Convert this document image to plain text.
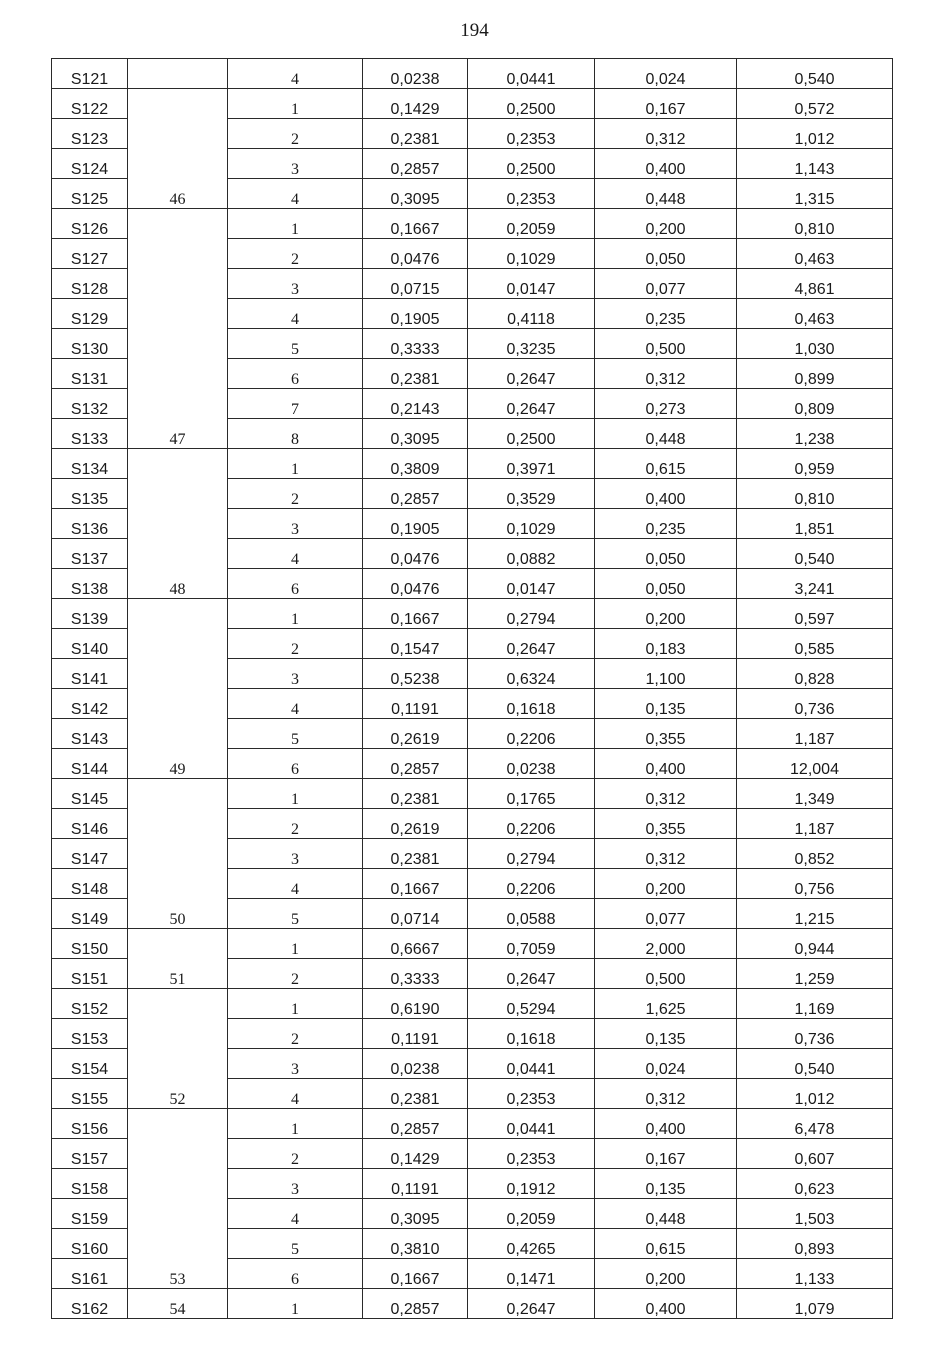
194
S121		4	0,0238	0,0441	0,024	0,540
S122	46	1	0,1429	0,2500	0,167	0,572
S123		2	0,2381	0,2353	0,312	1,012
S124		3	0,2857	0,2500	0,400	1,143
S125		4	0,3095	0,2353	0,448	1,315
S126	47	1	0,1667	0,2059	0,200	0,810
S127		2	0,0476	0,1029	0,050	0,463
S128		3	0,0715	0,0147	0,077	4,861
S129		4	0,1905	0,4118	0,235	0,463
S130		5	0,3333	0,3235	0,500	1,030
S131		6	0,2381	0,2647	0,312	0,899
S132		7	0,2143	0,2647	0,273	0,809
S133		8	0,3095	0,2500	0,448	1,238
S134	48	1	0,3809	0,3971	0,615	0,959
S135		2	0,2857	0,3529	0,400	0,810
S136		3	0,1905	0,1029	0,235	1,851
S137		4	0,0476	0,0882	0,050	0,540
S138		6	0,0476	0,0147	0,050	3,241
S139	49	1	0,1667	0,2794	0,200	0,597
S140		2	0,1547	0,2647	0,183	0,585
S141		3	0,5238	0,6324	1,100	0,828
S142		4	0,1191	0,1618	0,135	0,736
S143		5	0,2619	0,2206	0,355	1,187
S144		6	0,2857	0,0238	0,400	12,004
S145	50	1	0,2381	0,1765	0,312	1,349
S146		2	0,2619	0,2206	0,355	1,187
S147		3	0,2381	0,2794	0,312	0,852
S148		4	0,1667	0,2206	0,200	0,756
S149		5	0,0714	0,0588	0,077	1,215
S150	51	1	0,6667	0,7059	2,000	0,944
S151		2	0,3333	0,2647	0,500	1,259
S152	52	1	0,6190	0,5294	1,625	1,169
S153		2	0,1191	0,1618	0,135	0,736
S154		3	0,0238	0,0441	0,024	0,540
S155		4	0,2381	0,2353	0,312	1,012
S156	53	1	0,2857	0,0441	0,400	6,478
S157		2	0,1429	0,2353	0,167	0,607
S158		3	0,1191	0,1912	0,135	0,623
S159		4	0,3095	0,2059	0,448	1,503
S160		5	0,3810	0,4265	0,615	0,893
S161		6	0,1667	0,1471	0,200	1,133
S162	54	1	0,2857	0,2647	0,400	1,079
